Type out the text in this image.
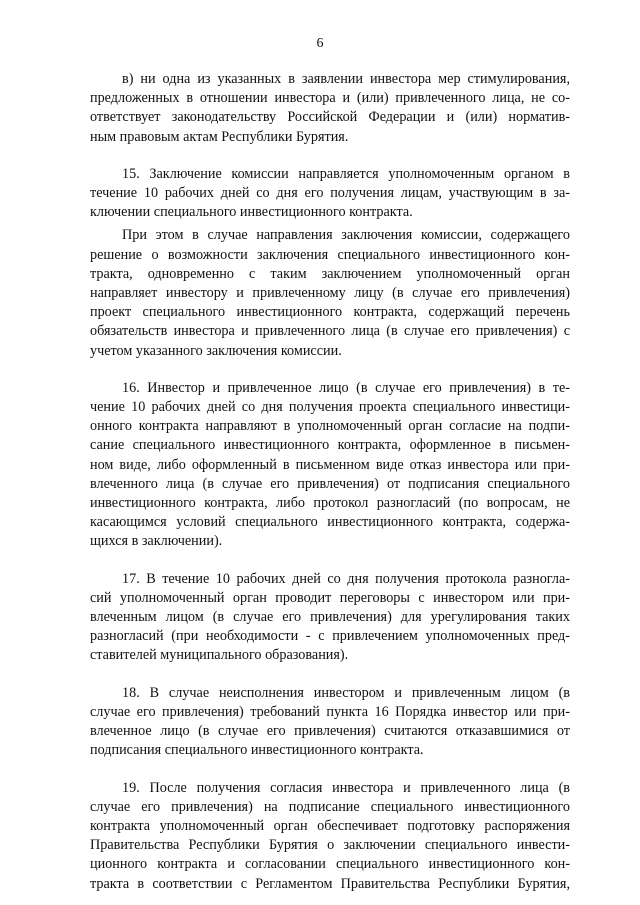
6

в) ни одна из указанных в заявлении инвестора мер стимулирования,
предложенных в отношении инвестора и (или) привлеченного лица, не со-
ответствует законодательству Российской Федерации и (или) норматив-
ным правовым актам Республики Бурятия.

15. Заключение комиссии направляется уполномоченным органом в
течение 10 рабочих дней со дня его получения лицам, участвующим в за-
ключении специального инвестиционного контракта.

При этом в случае направления заключения комиссии, содержащего
решение о возможности заключения специального инвестиционного кон-
тракта, одновременно с таким заключением уполномоченный орган
направляет инвестору и привлеченному лицу (в случае его привлечения)
проект специального инвестиционного контракта, содержащий перечень
обязательств инвестора и привлеченного лица (в случае его привлечения) с
учетом указанного заключения комиссии.

16. Инвестор и привлеченное лицо (в случае его привлечения) в те-
чение 10 рабочих дней со дня получения проекта специального инвестици-
онного контракта направляют в уполномоченный орган согласие на подпи-
сание специального инвестиционного контракта, оформленное в письмен-
ном виде, либо оформленный в письменном виде отказ инвестора или при-
влеченного лица (в случае его привлечения) от подписания специального
инвестиционного контракта, либо протокол разногласий (по вопросам, не
касающимся условий специального инвестиционного контракта, содержа-
щихся в заключении).

17. В течение 10 рабочих дней со дня получения протокола разногла-
сий уполномоченный орган проводит переговоры с инвестором или при-
влеченным лицом (в случае его привлечения) для урегулирования таких
разногласий (при необходимости - с привлечением уполномоченных пред-
ставителей муниципального образования).

18. В случае неисполнения инвестором и привлеченным лицом (в
случае его привлечения) требований пункта 16 Порядка инвестор или при-
влеченное лицо (в случае его привлечения) считаются отказавшимися от
подписания специального инвестиционного контракта.

19. После получения согласия инвестора и привлеченного лица (в
случае его привлечения) на подписание специального инвестиционного
контракта уполномоченный орган обеспечивает подготовку распоряжения
Правительства Республики Бурятия о заключении специального инвести-
ционного контракта и согласовании специального инвестиционного кон-
тракта в соответствии с Регламентом Правительства Республики Бурятия,
